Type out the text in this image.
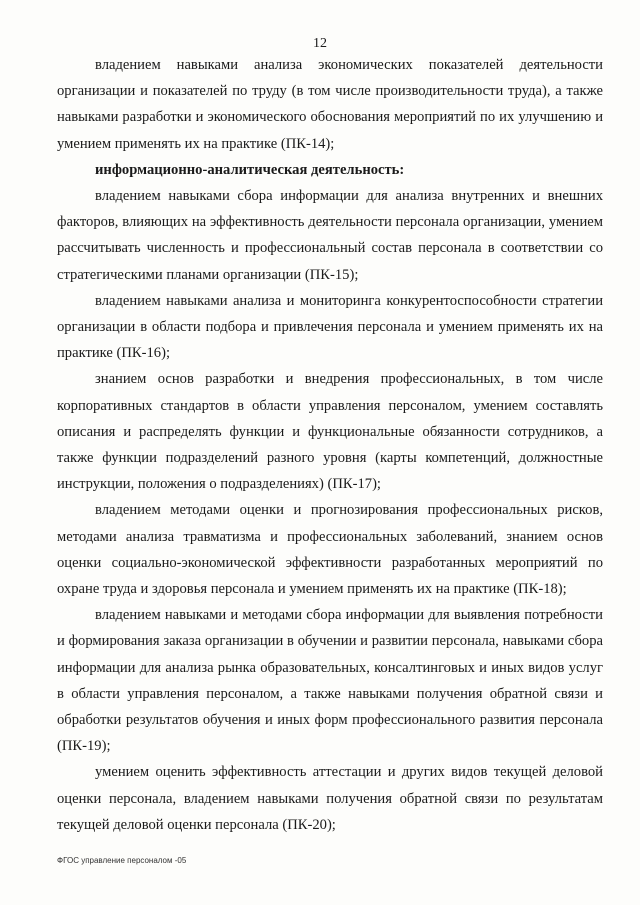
12

владением навыками анализа экономических показателей деятельности организации и показателей по труду (в том числе производительности труда), а также навыками разработки и экономического обоснования мероприятий по их улучшению и умением применять их на практике (ПК-14);

информационно-аналитическая деятельность:

владением навыками сбора информации для анализа внутренних и внешних факторов, влияющих на эффективность деятельности персонала организации, умением рассчитывать численность и профессиональный состав персонала в соответствии со стратегическими планами организации (ПК-15);

владением навыками анализа и мониторинга конкурентоспособности стратегии организации в области подбора и привлечения персонала и умением применять их на практике (ПК-16);

знанием основ разработки и внедрения профессиональных, в том числе корпоративных стандартов в области управления персоналом, умением составлять описания и распределять функции и функциональные обязанности сотрудников, а также функции подразделений разного уровня (карты компетенций, должностные инструкции, положения о подразделениях) (ПК-17);

владением методами оценки и прогнозирования профессиональных рисков, методами анализа травматизма и профессиональных заболеваний, знанием основ оценки социально-экономической эффективности разработанных мероприятий по охране труда и здоровья персонала и умением применять их на практике (ПК-18);

владением навыками и методами сбора информации для выявления потребности и формирования заказа организации в обучении и развитии персонала, навыками сбора информации для анализа рынка образовательных, консалтинговых и иных видов услуг в области управления персоналом, а также навыками получения обратной связи и обработки результатов обучения и иных форм профессионального развития персонала (ПК-19);

умением оценить эффективность аттестации и других видов текущей деловой оценки персонала, владением навыками получения обратной связи по результатам текущей деловой оценки персонала (ПК-20);

ФГОС управление персоналом -05
